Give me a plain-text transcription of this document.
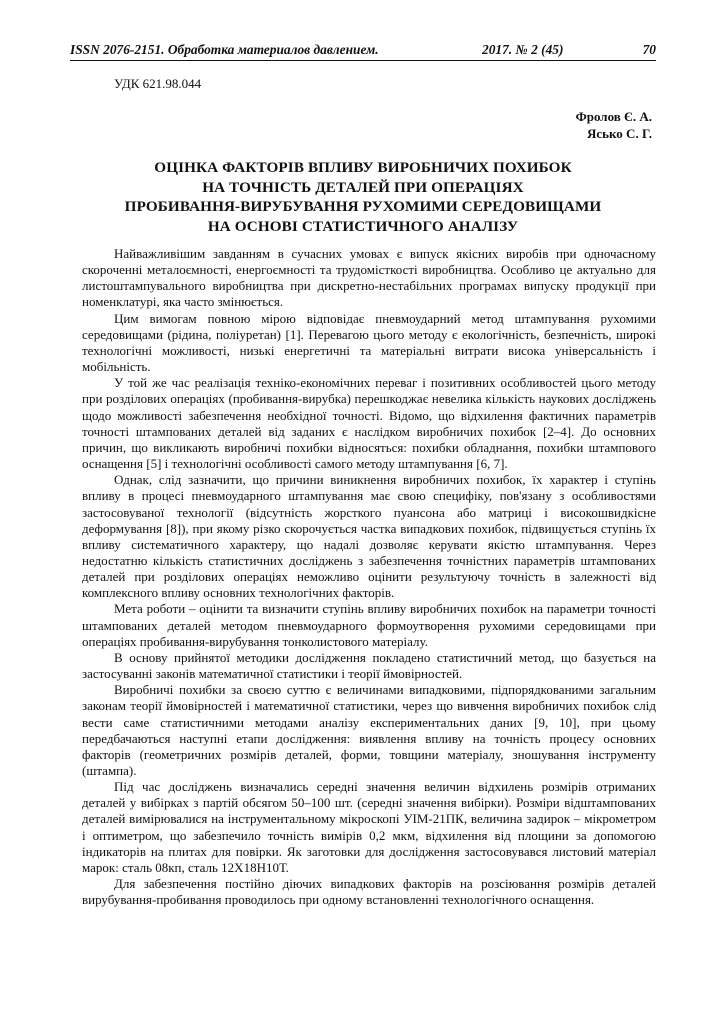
ISSN 2076-2151. Обработка материалов давлением.	2017. № 2 (45)	70
УДК 621.98.044
Фролов Є. А.
Ясько С. Г.
ОЦІНКА ФАКТОРІВ ВПЛИВУ ВИРОБНИЧИХ ПОХИБОК
НА ТОЧНІСТЬ ДЕТАЛЕЙ ПРИ ОПЕРАЦІЯХ
ПРОБИВАННЯ-ВИРУБУВАННЯ РУХОМИМИ СЕРЕДОВИЩАМИ
НА ОСНОВІ СТАТИСТИЧНОГО АНАЛІЗУ

Найважливішим завданням в сучасних умовах є випуск якісних виробів при одночасному скороченні металоємності, енергоємності та трудомісткості виробництва. Особливо це актуально для листоштампувального виробництва при дискретно-нестабільних програмах випуску продукції при номенклатурі, яка часто змінюється.

Цим вимогам повною мірою відповідає пневмоударний метод штампування рухомими середовищами (рідина, поліуретан) [1]. Перевагою цього методу є екологічність, безпечність, широкі технологічні можливості, низькі енергетичні та матеріальні витрати висока універсальність і мобільність.

У той же час реалізація техніко-економічних переваг і позитивних особливостей цього методу при розділових операціях (пробивання-вирубка) перешкоджає невелика кількість наукових досліджень щодо можливості забезпечення необхідної точності. Відомо, що відхилення фактичних параметрів точності штампованих деталей від заданих є наслідком виробничих похибок [2–4]. До основних причин, що викликають виробничі похибки відносяться: похибки обладнання, похибки штампового оснащення [5] і технологічні особливості самого методу штампування [6, 7].

Однак, слід зазначити, що причини виникнення виробничих похибок, їх характер і ступінь впливу в процесі пневмоударного штампування має свою специфіку, пов'язану з особливостями застосовуваної технології (відсутність жорсткого пуансона або матриці і високошвидкісне деформування [8]), при якому різко скорочується частка випадкових похибок, підвищується ступінь їх впливу систематичного характеру, що надалі дозволяє керувати якістю штампування. Через недостатню кількість статистичних досліджень з забезпечення точністних параметрів штампованих деталей при розділових операціях неможливо оцінити результуючу точність в залежності від комплексного впливу основних технологічних факторів.

Мета роботи – оцінити та визначити ступінь впливу виробничих похибок на параметри точності штампованих деталей методом пневмоударного формоутворення рухомими середовищами при операціях пробивання-вирубування тонколистового матеріалу.

В основу прийнятої методики дослідження покладено статистичний метод, що базується на застосуванні законів математичної статистики і теорії ймовірностей.

Виробничі похибки за своєю суттю є величинами випадковими, підпорядкованими загальним законам теорії ймовірностей і математичної статистики, через що вивчення виробничих похибок слід вести саме статистичними методами аналізу експериментальних даних [9, 10], при цьому передбачаються наступні етапи дослідження: виявлення впливу на точність процесу основних факторів (геометричних розмірів деталей, форми, товщини матеріалу, зношування інструменту (штампа).

Під час досліджень визначались середні значення величин відхилень розмірів отриманих деталей у вибірках з партій обсягом 50–100 шт. (середні значення вибірки). Розміри відштампованих деталей вимірювалися на інструментальному мікроскопі УІМ-21ПК, величина задирок – мікрометром і оптиметром, що забезпечило точність вимірів 0,2 мкм, відхилення від площини за допомогою індикаторів на плитах для повірки. Як заготовки для дослідження застосовувався листовий матеріал марок: сталь 08кп, сталь 12Х18Н10Т.

Для забезпечення постійно діючих випадкових факторів на розсіювання розмірів деталей вирубування-пробивання проводилось при одному встановленні технологічного оснащення.
